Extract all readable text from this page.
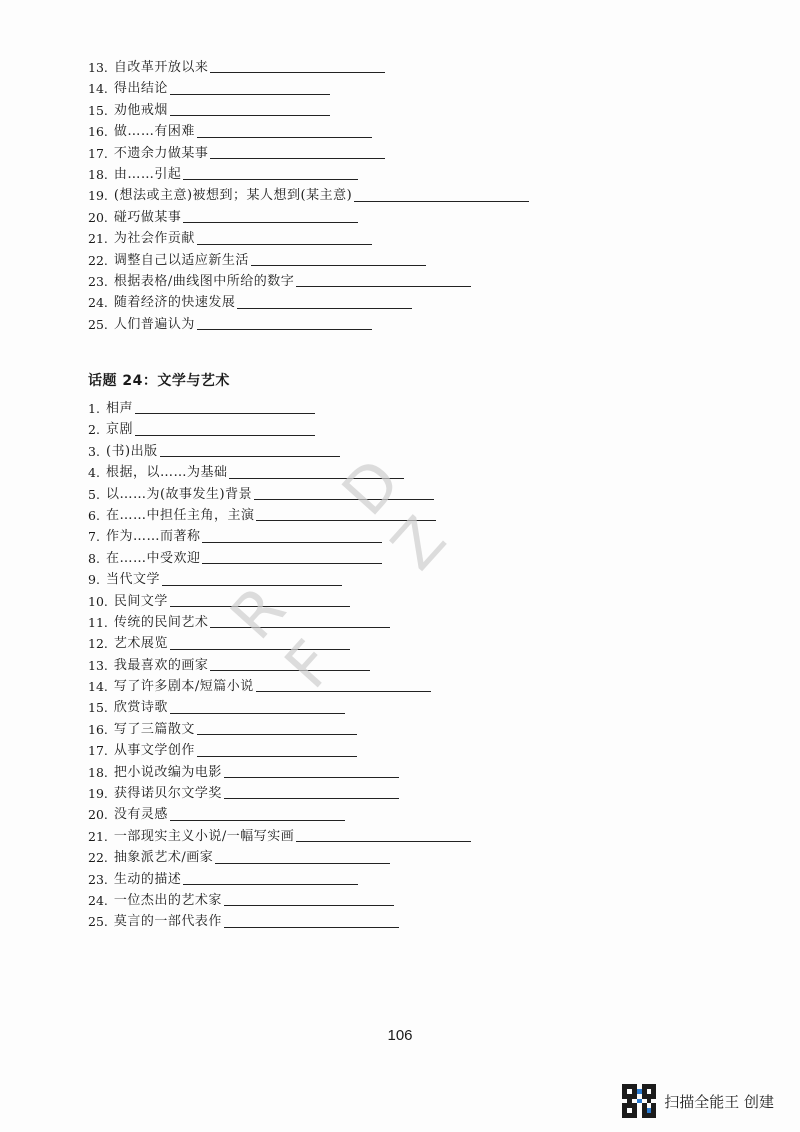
13. 自改革开放以来
14. 得出结论
15. 劝他戒烟
16. 做……有困难
17. 不遗余力做某事
18. 由……引起
19. (想法或主意)被想到；某人想到(某主意)
20. 碰巧做某事
21. 为社会作贡献
22. 调整自己以适应新生活
23. 根据表格/曲线图中所给的数字
24. 随着经济的快速发展
25. 人们普遍认为
话题 24：文学与艺术
1. 相声
2. 京剧
3. (书)出版
4. 根据，以……为基础
5. 以……为(故事发生)背景
6. 在……中担任主角，主演
7. 作为……而著称
8. 在……中受欢迎
9. 当代文学
10. 民间文学
11. 传统的民间艺术
12. 艺术展览
13. 我最喜欢的画家
14. 写了许多剧本/短篇小说
15. 欣赏诗歌
16. 写了三篇散文
17. 从事文学创作
18. 把小说改编为电影
19. 获得诺贝尔文学奖
20. 没有灵感
21. 一部现实主义小说/一幅写实画
22. 抽象派艺术/画家
23. 生动的描述
24. 一位杰出的艺术家
25. 莫言的一部代表作
R D F Z
106
扫描全能王 创建
